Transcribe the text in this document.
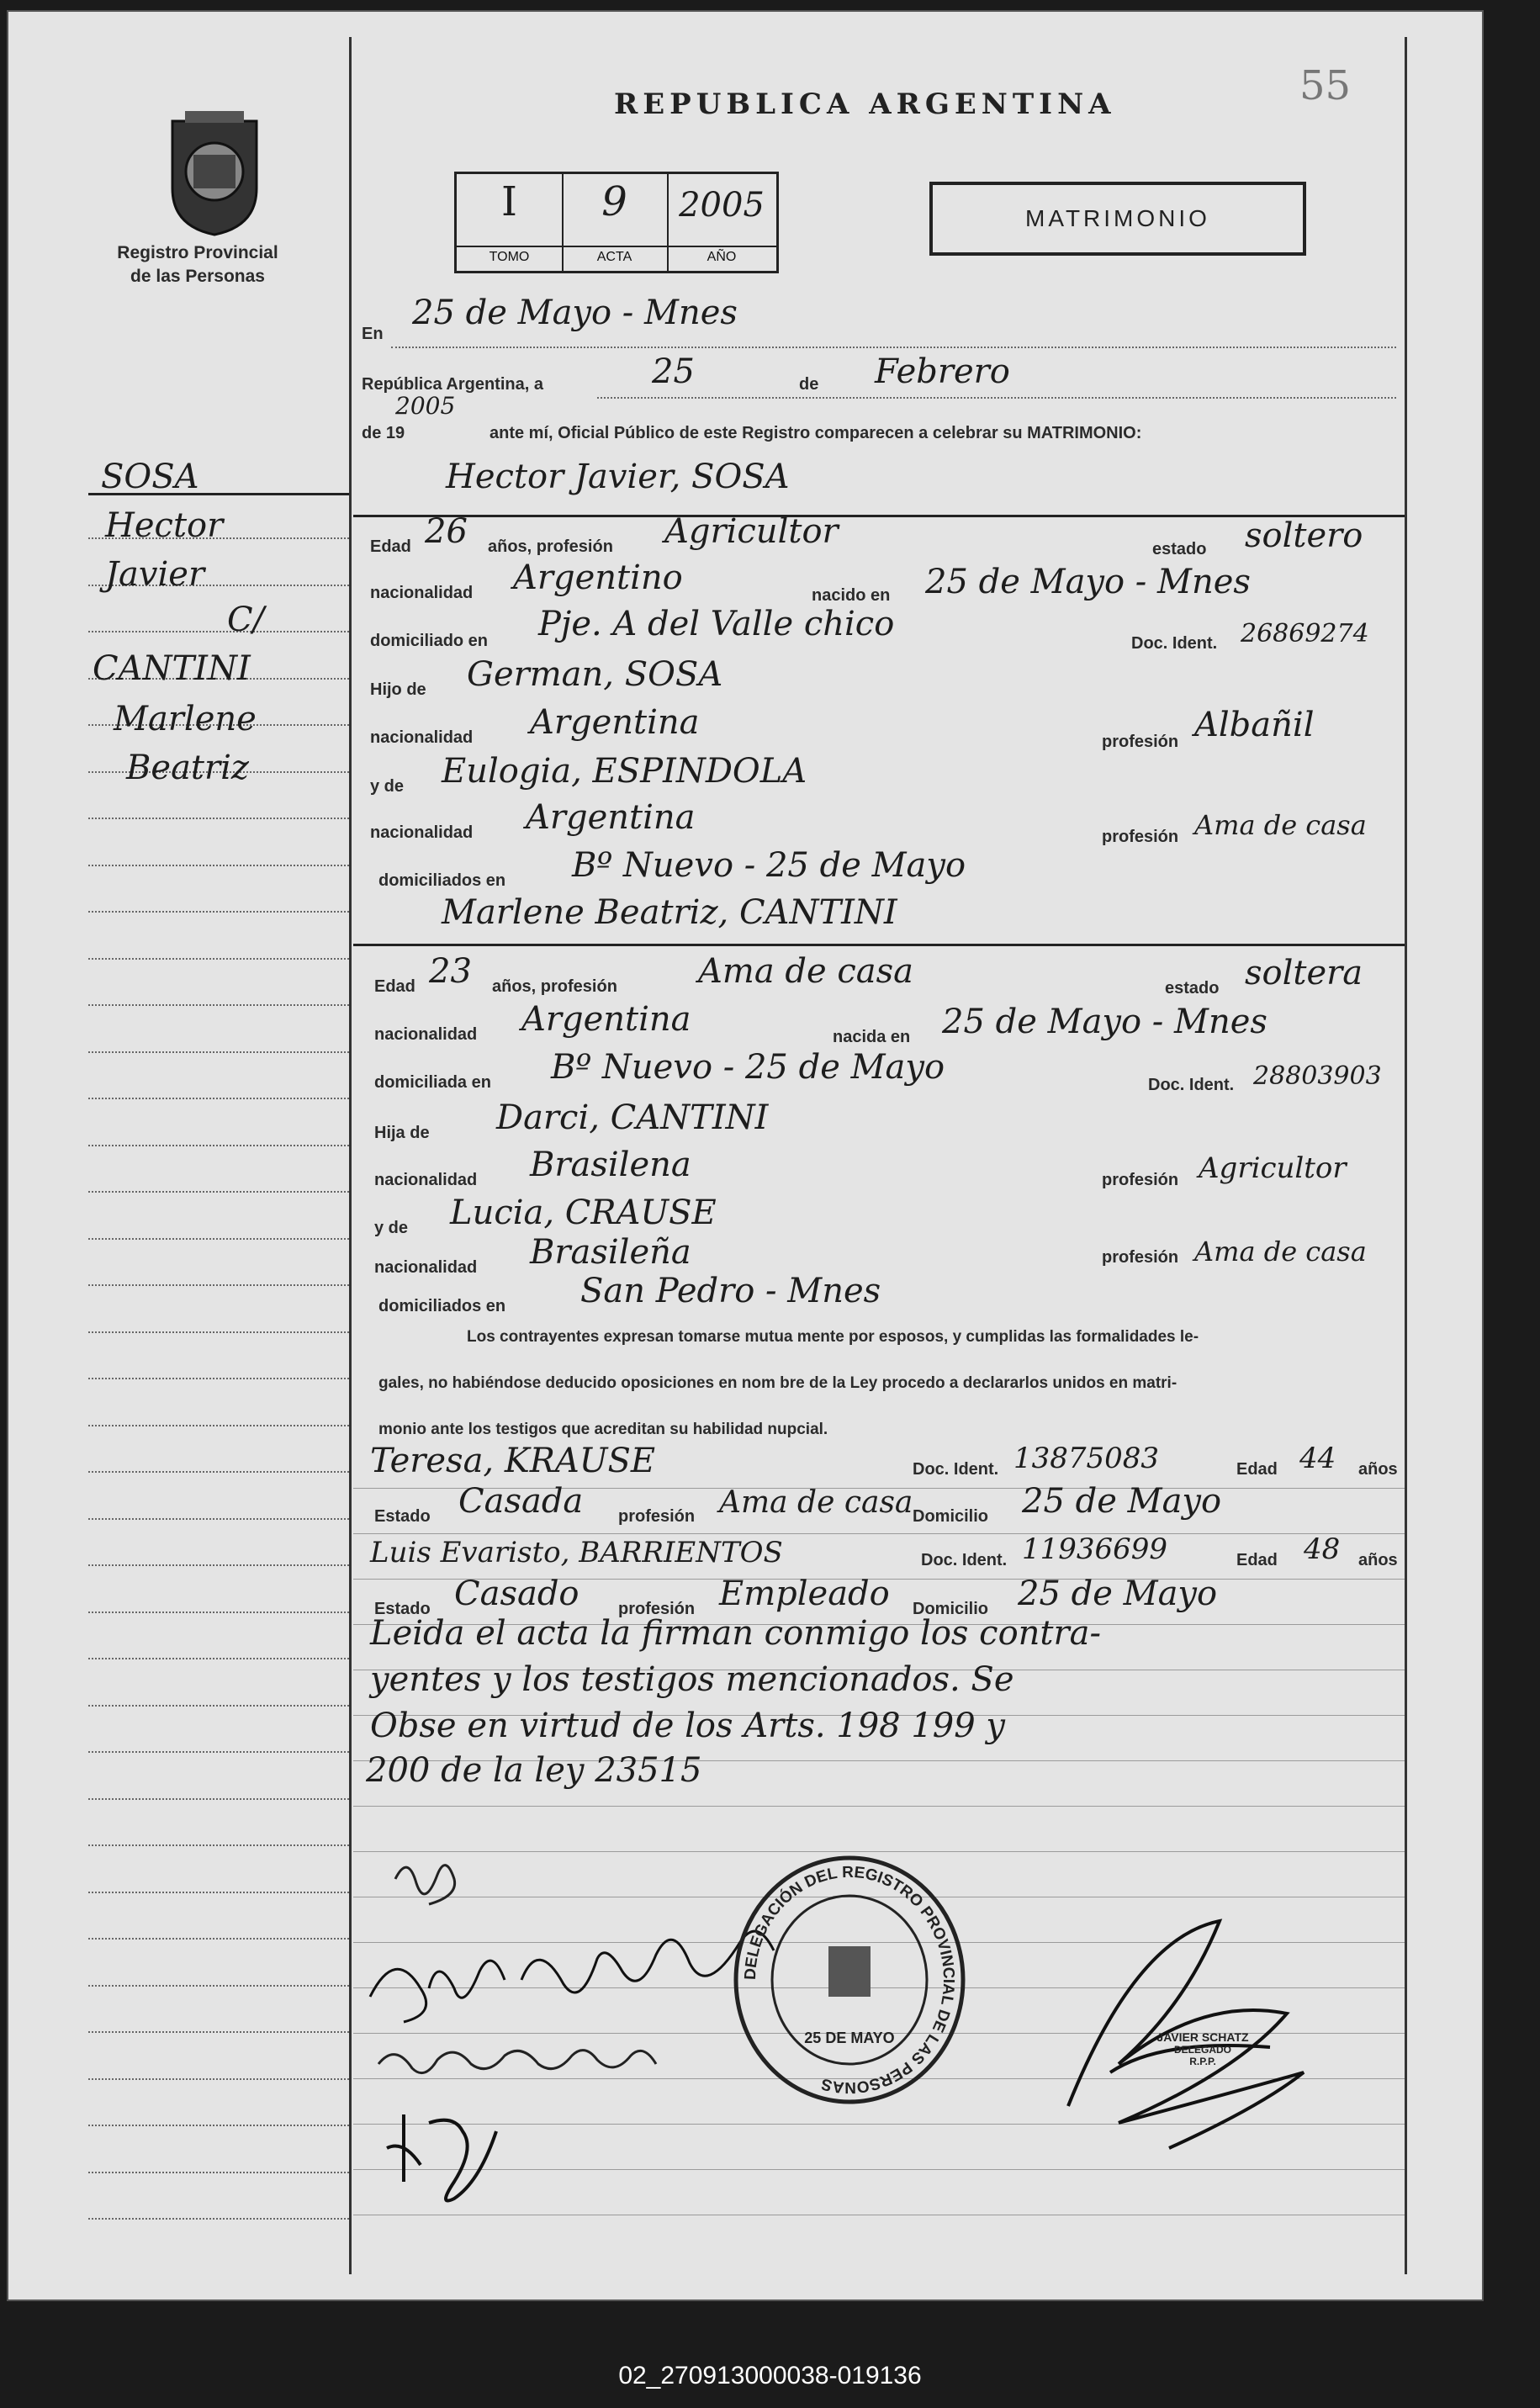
Registro Provincial
de las Personas
REPUBLICA ARGENTINA	55
I
TOMO
9
ACTA
2005
AÑO
MATRIMONIO
SOSA
Hector
Javier
C/
CANTINI
Marlene
Beatriz
En
25 de Mayo - Mnes
República Argentina, a	25	de Febrero
de 19
2005
ante mí, Oficial Público de este Registro comparecen a celebrar su MATRIMONIO:
Hector Javier, SOSA
Edad 26 años, profesión Agricultor	estado soltero
nacionalidad Argentino	nacido en 25 de Mayo - Mnes
domiciliado en Pje. A del Valle chico	Doc. Ident. 26869274
Hijo de German, SOSA
nacionalidad Argentina	profesión Albañil
y de Eulogia, ESPINDOLA
nacionalidad Argentina	profesión Ama de casa
domiciliados en Bº Nuevo - 25 de Mayo
Marlene Beatriz, CANTINI
Edad 23 años, profesión Ama de casa	estado soltera
nacionalidad Argentina	nacida en 25 de Mayo - Mnes
domiciliada en Bº Nuevo - 25 de Mayo	Doc. Ident. 28803903
Hija de Darci, CANTINI
nacionalidad Brasilena	profesión Agricultor
y de Lucia, CRAUSE
nacionalidad Brasileña	profesión Ama de casa
domiciliados en San Pedro - Mnes
Los contrayentes expresan tomarse mutua mente por esposos, y cumplidas las formalidades le-
gales, no habiéndose deducido oposiciones en nom bre de la Ley procedo a declararlos unidos en matri-
monio ante los testigos que acreditan su habilidad nupcial.
Teresa, KRAUSE	Doc. Ident. 13875083	Edad 44 años
Estado Casada profesión Ama de casa Domicilio 25 de Mayo
Luis Evaristo, BARRIENTOS	Doc. Ident. 11936699	Edad 48 años
Estado Casado profesión Empleado Domicilio 25 de Mayo
Leida el acta la firman conmigo los contra-
yentes y los testigos mencionados. Se
Obse en virtud de los Arts. 198 199 y
200 de la ley 23515
DELEGACIÓN DEL REGISTRO PROVINCIAL DE LAS PERSONAS
25 DE MAYO	JAVIER SCHATZ
DELEGADO
R.P.P.
02_270913000038-019136
